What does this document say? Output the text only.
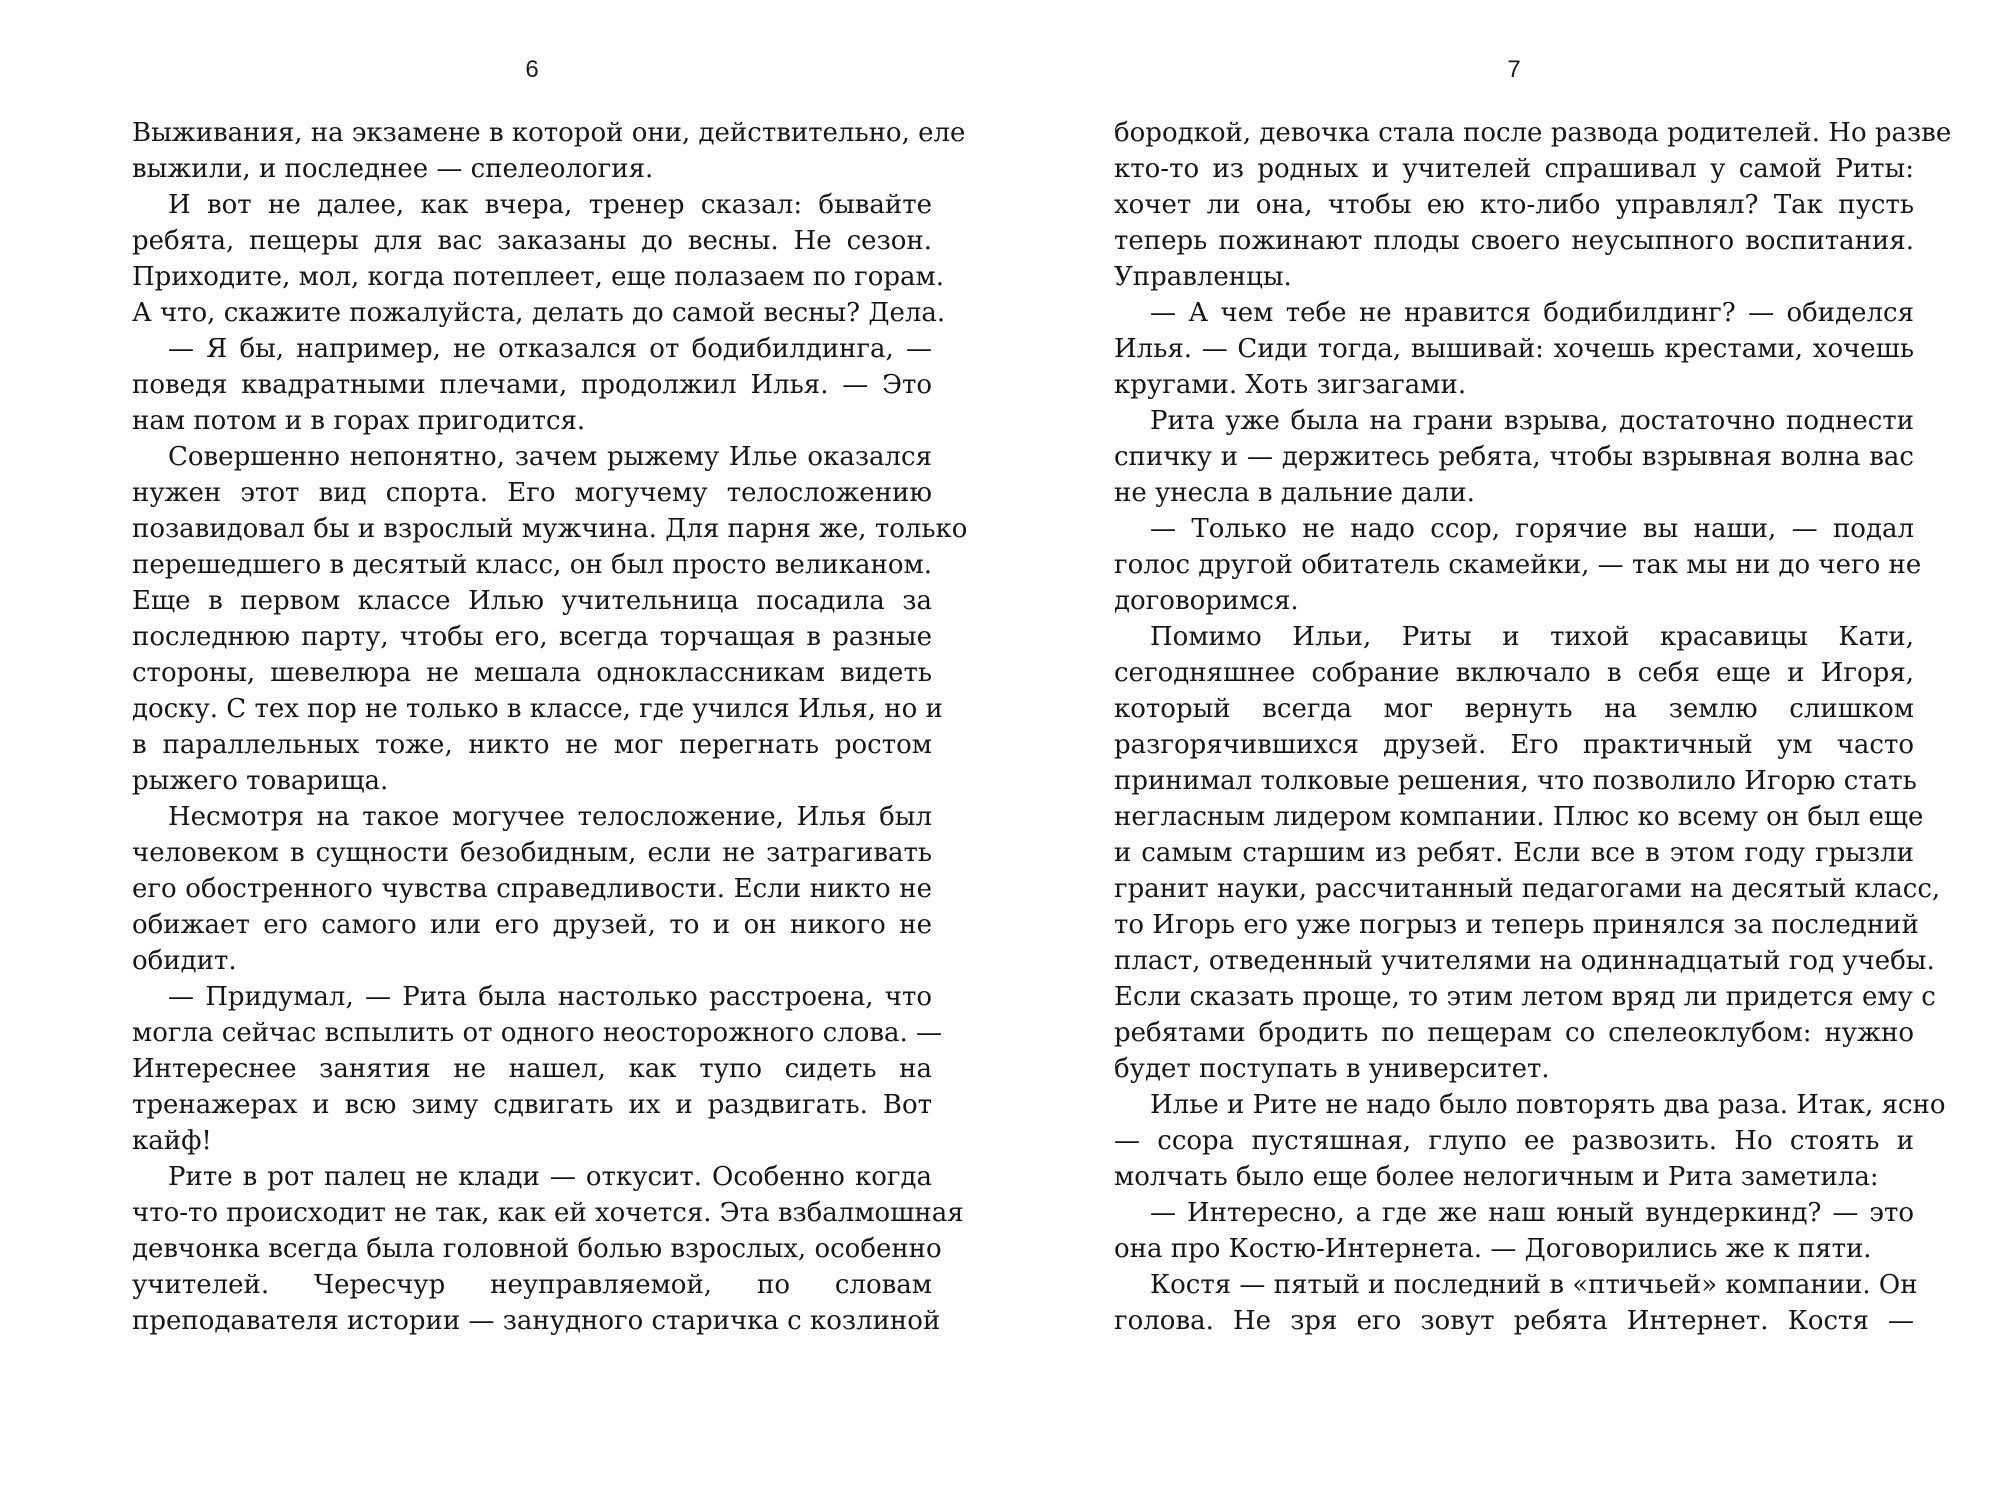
6
Выживания, на экзамене в которой они, действительно, еле
выжили, и последнее — спелеология.
И вот не далее, как вчера, тренер сказал: бывайте
ребята, пещеры для вас заказаны до весны. Не сезон.
Приходите, мол, когда потеплеет, еще полазаем по горам.
А что, скажите пожалуйста, делать до самой весны? Дела.
— Я бы, например, не отказался от бодибилдинга, —
поведя квадратными плечами, продолжил Илья. — Это
нам потом и в горах пригодится.
Совершенно непонятно, зачем рыжему Илье оказался
нужен этот вид спорта. Его могучему телосложению
позавидовал бы и взрослый мужчина. Для парня же, только
перешедшего в десятый класс, он был просто великаном.
Еще в первом классе Илью учительница посадила за
последнюю парту, чтобы его, всегда торчащая в разные
стороны, шевелюра не мешала одноклассникам видеть
доску. С тех пор не только в классе, где учился Илья, но и
в параллельных тоже, никто не мог перегнать ростом
рыжего товарища.
Несмотря на такое могучее телосложение, Илья был
человеком в сущности безобидным, если не затрагивать
его обостренного чувства справедливости. Если никто не
обижает его самого или его друзей, то и он никого не
обидит.
— Придумал, — Рита была настолько расстроена, что
могла сейчас вспылить от одного неосторожного слова. —
Интереснее занятия не нашел, как тупо сидеть на
тренажерах и всю зиму сдвигать их и раздвигать. Вот
кайф!
Рите в рот палец не клади — откусит. Особенно когда
что-то происходит не так, как ей хочется. Эта взбалмошная
девчонка всегда была головной болью взрослых, особенно
учителей. Чересчур неуправляемой, по словам
преподавателя истории — занудного старичка с козлиной
7
бородкой, девочка стала после развода родителей. Но разве
кто-то из родных и учителей спрашивал у самой Риты:
хочет ли она, чтобы ею кто-либо управлял? Так пусть
теперь пожинают плоды своего неусыпного воспитания.
Управленцы.
— А чем тебе не нравится бодибилдинг? — обиделся
Илья. — Сиди тогда, вышивай: хочешь крестами, хочешь
кругами. Хоть зигзагами.
Рита уже была на грани взрыва, достаточно поднести
спичку и — держитесь ребята, чтобы взрывная волна вас
не унесла в дальние дали.
— Только не надо ссор, горячие вы наши, — подал
голос другой обитатель скамейки, — так мы ни до чего не
договоримся.
Помимо Ильи, Риты и тихой красавицы Кати,
сегодняшнее собрание включало в себя еще и Игоря,
который всегда мог вернуть на землю слишком
разгорячившихся друзей. Его практичный ум часто
принимал толковые решения, что позволило Игорю стать
негласным лидером компании. Плюс ко всему он был еще
и самым старшим из ребят. Если все в этом году грызли
гранит науки, рассчитанный педагогами на десятый класс,
то Игорь его уже погрыз и теперь принялся за последний
пласт, отведенный учителями на одиннадцатый год учебы.
Если сказать проще, то этим летом вряд ли придется ему с
ребятами бродить по пещерам со спелеоклубом: нужно
будет поступать в университет.
Илье и Рите не надо было повторять два раза. Итак, ясно
— ссора пустяшная, глупо ее развозить. Но стоять и
молчать было еще более нелогичным и Рита заметила:
— Интересно, а где же наш юный вундеркинд? — это
она про Костю-Интернета. — Договорились же к пяти.
Костя — пятый и последний в «птичьей» компании. Он
голова. Не зря его зовут ребята Интернет. Костя —
